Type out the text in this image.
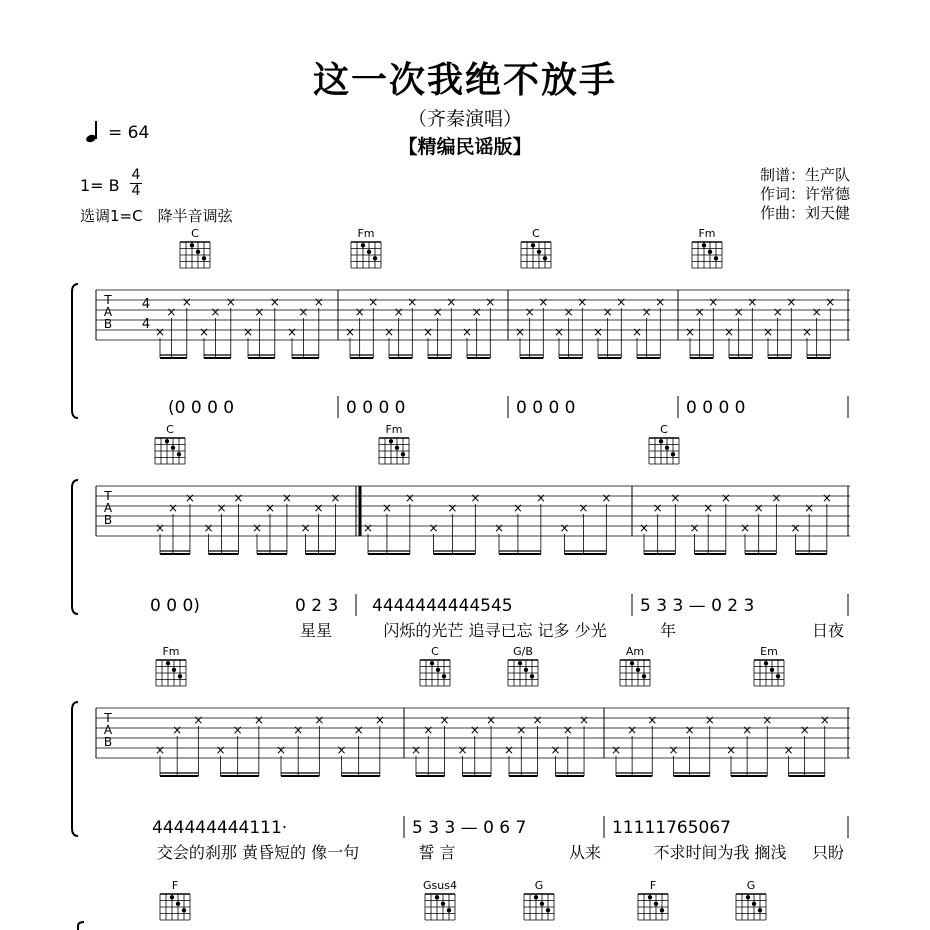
这一次我绝不放手
（齐秦演唱）
【精编民谣版】
= 64
1= B
4
4
选调1=C　降半音调弦
制谱：生产队
作词：许常德
作曲：刘天健
T
A
B
4
4 ×
×
×
×
×
×
×
×
×
×
×
×
×
×
×
×
×
×
×
×
×
×
×
×
×
×
×
×
×
×
×
×
×
×
×
×
×
×
×
×
×
×
×
×
×
×
×
×
C	Fm	C	Fm
(0 0 0 0	0 0 0 0	0 0 0 0	0 0 0 0
T
A
B
×
×
×
×
×
×
×
×
×
×
×
×
×
×
×
×
×
×
×
×
×
×
×
×
×
×
×
×
×
×
×
×
×
×
×
×
C	Fm	C
0 0 0)	0 2 3 4444444444545	5 3 3 — 0 2 3
星星	闪烁的光芒 追寻已忘 记多 少光	年	日夜
T
A
B
×
×
×
×
×
×
×
×
×
×
×
×
×
×
×
×
×
×
×
×
×
×
×
×
×
×
×
×
×
×
×
×
×
×
×
×
Fm	C	G/B	Am	Em
444444444111·	5 3 3 — 0 6 7	11111765067
交会的刹那 黄昏短的 像一句	誓 言	从来	不求时间为我 搁浅 只盼
F	Gsus4	G	F	G
